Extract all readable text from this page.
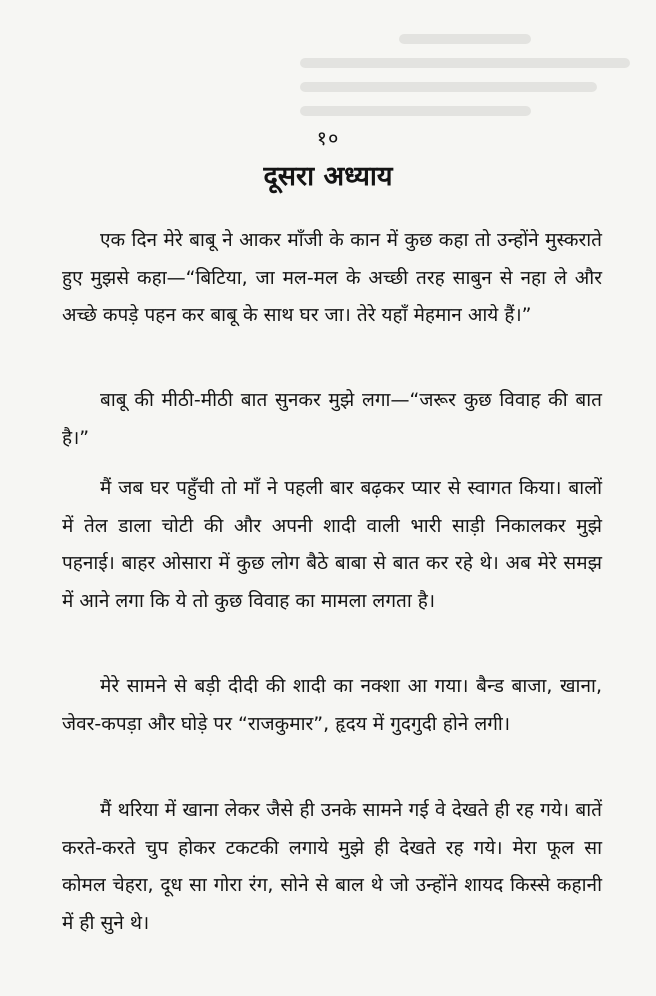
१०
दूसरा अध्याय

एक दिन मेरे बाबू ने आकर माँजी के कान में कुछ कहा तो उन्होंने मुस्कराते हुए मुझसे कहा—“बिटिया, जा मल-मल के अच्छी तरह साबुन से नहा ले और अच्छे कपड़े पहन कर बाबू के साथ घर जा। तेरे यहाँ मेहमान आये हैं।”

बाबू की मीठी-मीठी बात सुनकर मुझे लगा—“जरूर कुछ विवाह की बात है।”

मैं जब घर पहुँची तो माँ ने पहली बार बढ़कर प्यार से स्वागत किया। बालों में तेल डाला चोटी की और अपनी शादी वाली भारी साड़ी निकालकर मुझे पहनाई। बाहर ओसारा में कुछ लोग बैठे बाबा से बात कर रहे थे। अब मेरे समझ में आने लगा कि ये तो कुछ विवाह का मामला लगता है।

मेरे सामने से बड़ी दीदी की शादी का नक्शा आ गया। बैन्ड बाजा, खाना, जेवर-कपड़ा और घोड़े पर “राजकुमार”, हृदय में गुदगुदी होने लगी।

मैं थरिया में खाना लेकर जैसे ही उनके सामने गई वे देखते ही रह गये। बातें करते-करते चुप होकर टकटकी लगाये मुझे ही देखते रह गये। मेरा फूल सा कोमल चेहरा, दूध सा गोरा रंग, सोने से बाल थे जो उन्होंने शायद किस्से कहानी में ही सुने थे।
